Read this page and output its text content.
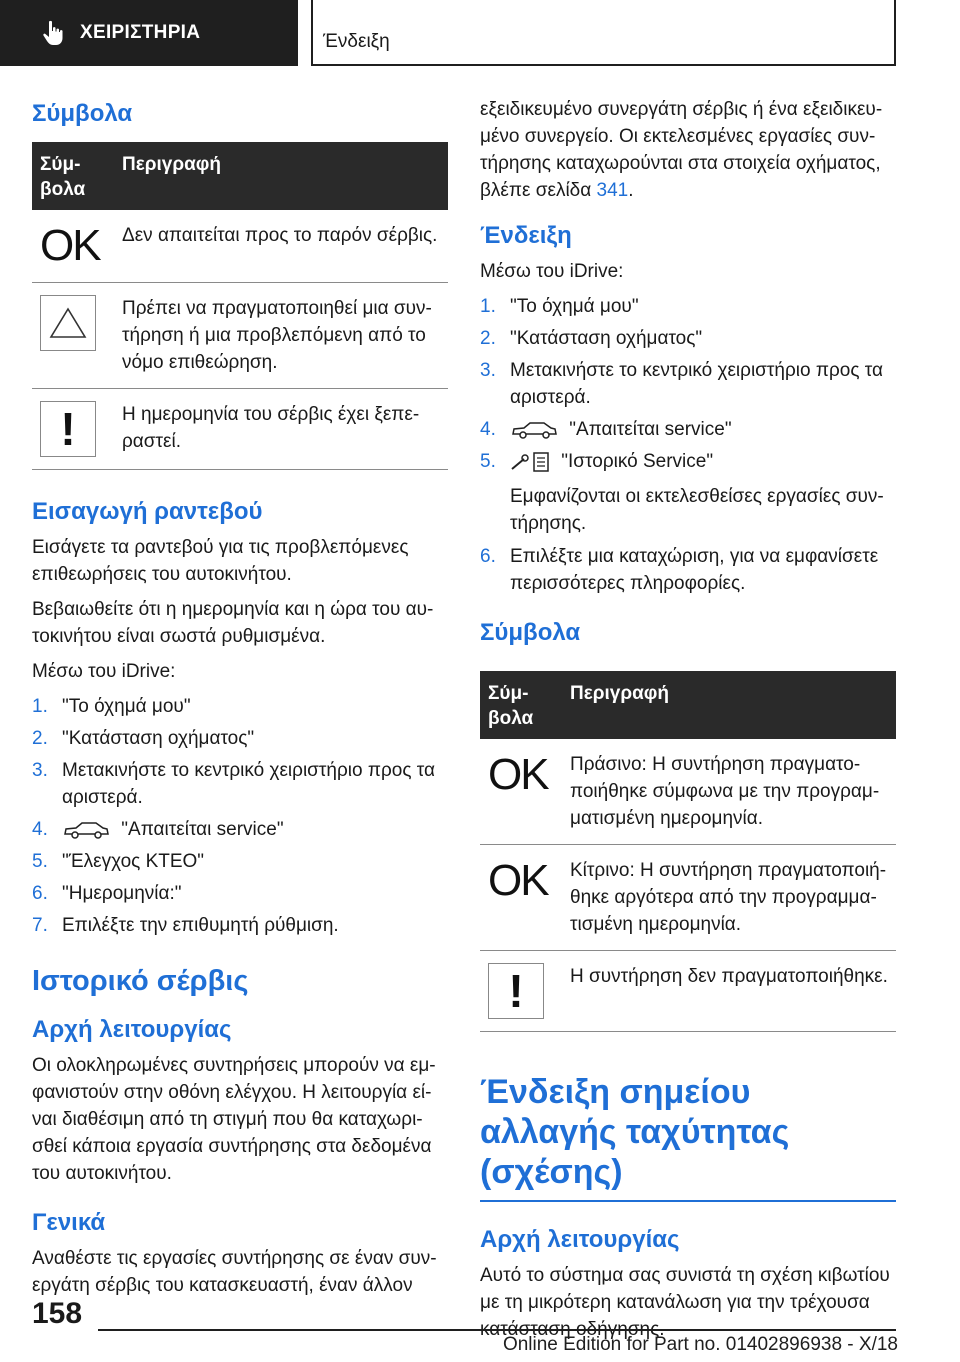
ΧΕΙΡΙΣΤΗΡΙΑ	Ένδειξη
Σύμβολα
Σύμ-
βολα	Περιγραφή
OK	Δεν απαιτείται προς το παρόν σέρβις.

	Πρέπει να πραγματοποιηθεί μια συν-τήρηση ή μια προβλεπόμενη από το νόμο επιθεώρηση.

!	Η ημερομηνία του σέρβις έχει ξεπε-ραστεί.
Εισαγωγή ραντεβού

Εισάγετε τα ραντεβού για τις προβλεπόμενες επιθεωρήσεις του αυτοκινήτου.

Βεβαιωθείτε ότι η ημερομηνία και η ώρα του αυ-τοκινήτου είναι σωστά ρυθμισμένα.

Μέσω του iDrive:

1. "Το όχημά μου"
2. "Κατάσταση οχήματος"
3. Μετακινήστε το κεντρικό χειριστήριο προς τα αριστερά.
4.	"Απαιτείται service"
5. "Έλεγχος ΚΤΕΟ"
6. "Ημερομηνία:"
7. Επιλέξτε την επιθυμητή ρύθμιση.
Ιστορικό σέρβις
Αρχή λειτουργίας

Οι ολοκληρωμένες συντηρήσεις μπορούν να εμ-φανιστούν στην οθόνη ελέγχου. Η λειτουργία εί-ναι διαθέσιμη από τη στιγμή που θα καταχωρι-σθεί κάποια εργασία συντήρησης στα δεδομένα του αυτοκινήτου.

Γενικά

Αναθέστε τις εργασίες συντήρησης σε έναν συν-εργάτη σέρβις του κατασκευαστή, έναν άλλον

εξειδικευμένο συνεργάτη σέρβις ή ένα εξειδικευ-μένο συνεργείο. Οι εκτελεσμένες εργασίες συν-τήρησης καταχωρούνται στα στοιχεία οχήματος, βλέπε σελίδα 341.

Ένδειξη

Μέσω του iDrive:

1. "Το όχημά μου"
2. "Κατάσταση οχήματος"
3. Μετακινήστε το κεντρικό χειριστήριο προς τα αριστερά.
4.	"Απαιτείται service"
5.	"Ιστορικό Service"

Εμφανίζονται οι εκτελεσθείσες εργασίες συν-τήρησης.

6. Επιλέξτε μια καταχώριση, για να εμφανίσετε περισσότερες πληροφορίες.
Σύμβολα
Σύμ-
βολα	Περιγραφή
OK	Πράσινο: Η συντήρηση πραγματο-ποιήθηκε σύμφωνα με την προγραμ-ματισμένη ημερομηνία.
OK	Κίτρινο: Η συντήρηση πραγματοποιή-θηκε αργότερα από την προγραμμα-τισμένη ημερομηνία.

!	Η συντήρηση δεν πραγματοποιήθηκε.
Ένδειξη σημείου αλλαγής ταχύτητας (σχέσης)
Αρχή λειτουργίας

Αυτό το σύστημα σας συνιστά τη σχέση κιβωτίου με τη μικρότερη κατανάλωση για την τρέχουσα κατάσταση οδήγησης.

158
Online Edition for Part no. 01402896938 - X/18
